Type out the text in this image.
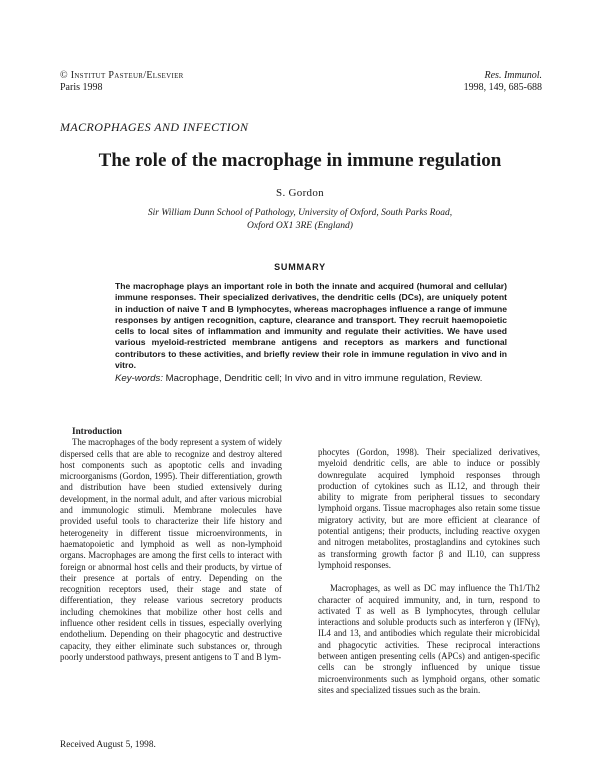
© Institut Pasteur/Elsevier
Paris 1998
Res. Immunol.
1998, 149, 685-688
MACROPHAGES AND INFECTION
The role of the macrophage in immune regulation
S. Gordon
Sir William Dunn School of Pathology, University of Oxford, South Parks Road,
Oxford OX1 3RE (England)
SUMMARY

The macrophage plays an important role in both the innate and acquired (humoral and cellular) immune responses. Their specialized derivatives, the dendritic cells (DCs), are uniquely potent in induction of naive T and B lymphocytes, whereas macrophages influence a range of immune responses by antigen recognition, capture, clearance and transport. They recruit haemopoietic cells to local sites of inflammation and immunity and regulate their activities. We have used various myeloid-restricted membrane antigens and receptors as markers and functional contributors to these activities, and briefly review their role in immune regulation in vivo and in vitro.

Key-words: Macrophage, Dendritic cell; In vivo and in vitro immune regulation, Review.

Introduction

The macrophages of the body represent a system of widely dispersed cells that are able to recognize and destroy altered host components such as apoptotic cells and invading microorganisms (Gordon, 1995). Their differentiation, growth and distribution have been studied extensively during development, in the normal adult, and after various microbial and immunologic stimuli. Membrane molecules have provided useful tools to characterize their life history and heterogeneity in different tissue microenvironments, in haematopoietic and lymphoid as well as non-lymphoid organs. Macrophages are among the first cells to interact with foreign or abnormal host cells and their products, by virtue of their presence at portals of entry. Depending on the recognition receptors used, their stage and state of differentiation, they release various secretory products including chemokines that mobilize other host cells and influence other resident cells in tissues, especially overlying endothelium. Depending on their phagocytic and destructive capacity, they either eliminate such substances or, through poorly understood pathways, present antigens to T and B lym-

phocytes (Gordon, 1998). Their specialized derivatives, myeloid dendritic cells, are able to induce or possibly downregulate acquired lymphoid responses through production of cytokines such as IL12, and through their ability to migrate from peripheral tissues to secondary lymphoid organs. Tissue macrophages also retain some tissue migratory activity, but are more efficient at clearance of potential antigens; their products, including reactive oxygen and nitrogen metabolites, prostaglandins and cytokines such as transforming growth factor β and IL10, can suppress lymphoid responses.

Macrophages, as well as DC may influence the Th1/Th2 character of acquired immunity, and, in turn, respond to activated T as well as B lymphocytes, through cellular interactions and soluble products such as interferon γ (IFNγ), IL4 and 13, and antibodies which regulate their microbicidal and phagocytic activities. These reciprocal interactions between antigen presenting cells (APCs) and antigen-specific cells can be strongly influenced by unique tissue microenvironments such as lymphoid organs, other somatic sites and specialized tissues such as the brain.

Received August 5, 1998.
